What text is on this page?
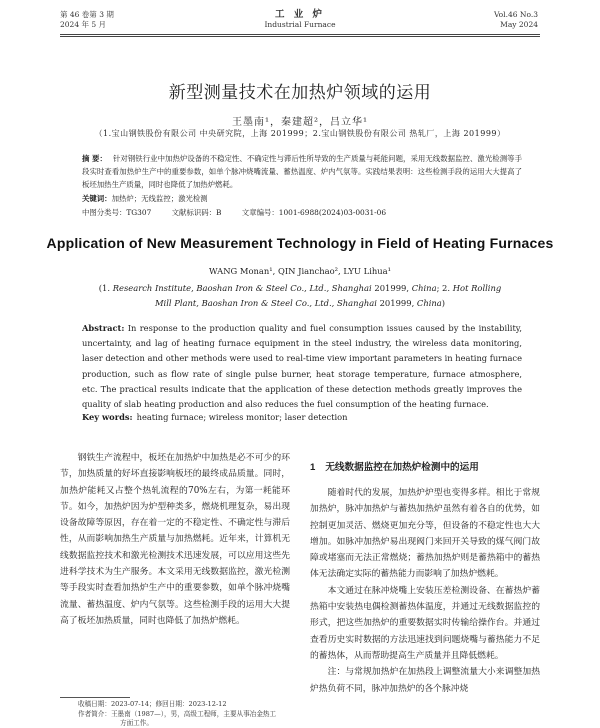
第 46 卷第 3 期
2024 年 5 月
工 业 炉
Industrial Furnace
Vol.46 No.3
May 2024
新型测量技术在加热炉领域的运用
王墨南¹，秦建超²，吕立华¹
（1.宝山钢铁股份有限公司 中央研究院，上海 201999；2.宝山钢铁股份有限公司 热轧厂，上海 201999）
摘 要： 针对钢铁行业中加热炉设备的不稳定性、不确定性与滞后性所导致的生产质量与耗能问题，采用无线数据监控、激光检测等手段实时查看加热炉生产中的重要参数，如单个脉冲烧嘴流量、蓄热温度、炉内气氛等。实践结果表明：这些检测手段的运用大大提高了板坯加热生产质量，同时也降低了加热炉燃耗。
关键词：加热炉；无线监控；激光检测
中图分类号：TG307	文献标识码：B	文章编号：1001-6988(2024)03-0031-06
Application of New Measurement Technology in Field of Heating Furnaces
WANG Monan¹, QIN Jianchao², LYU Lihua¹
(1. Research Institute, Baoshan Iron & Steel Co., Ltd., Shanghai 201999, China; 2. Hot Rolling Mill Plant, Baoshan Iron & Steel Co., Ltd., Shanghai 201999, China)
Abstract: In response to the production quality and fuel consumption issues caused by the instability, uncertainty, and lag of heating furnace equipment in the steel industry, the wireless data monitoring, laser detection and other methods were used to real-time view important parameters in heating furnace production, such as flow rate of single pulse burner, heat storage temperature, furnace atmosphere, etc. The practical results indicate that the application of these detection methods greatly improves the quality of slab heating production and also reduces the fuel consumption of the heating furnace.
Key words: heating furnace; wireless monitor; laser detection
钢铁生产流程中，板坯在加热炉中加热是必不可少的环节，加热质量的好坏直接影响板坯的最终成品质量。同时，加热炉能耗又占整个热轧流程的70%左右，为第一耗能环节。如今，加热炉因为炉型种类多，燃烧机理复杂，易出现设备故障等原因，存在着一定的不稳定性、不确定性与滞后性，从而影响加热生产质量与加热燃耗。近年来，计算机无线数据监控技术和激光检测技术迅速发展，可以应用这些先进科学技术为生产服务。本文采用无线数据监控，激光检测等手段实时查看加热炉生产中的重要参数，如单个脉冲烧嘴流量、蓄热温度、炉内气氛等。这些检测手段的运用大大提高了板坯加热质量，同时也降低了加热炉燃耗。
1 无线数据监控在加热炉检测中的运用

随着时代的发展，加热炉炉型也变得多样。相比于常规加热炉，脉冲加热炉与蓄热加热炉虽然有着各自的优势，如控制更加灵活、燃烧更加充分等，但设备的不稳定性也大大增加。如脉冲加热炉易出现阀门来回开关导致的煤气阀门故障或堵塞而无法正常燃烧；蓄热加热炉则是蓄热箱中的蓄热体无法确定实际的蓄热能力而影响了加热炉燃耗。

本文通过在脉冲烧嘴上安装压差检测设备、在蓄热炉蓄热箱中安装热电偶检测蓄热体温度，并通过无线数据监控的形式，把这些加热炉的重要数据实时传输给操作台。并通过查看历史实时数据的方法迅速找到问题烧嘴与蓄热能力不足的蓄热体，从而帮助提高生产质量并且降低燃耗。

注：与常规加热炉在加热段上调整流量大小来调整加热炉热负荷不同，脉冲加热炉的各个脉冲烧

收稿日期：2023-07-14；修回日期：2023-12-12
作者简介：王墨南（1987—），男，高级工程师，主要从事冶金热工
方面工作。
